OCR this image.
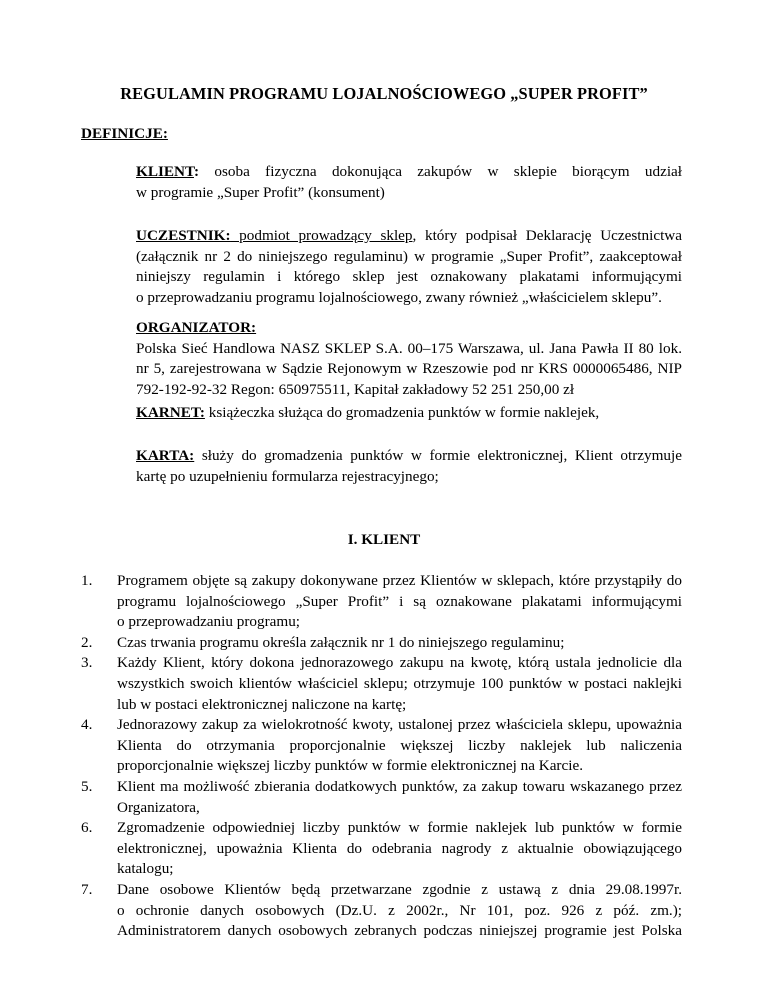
REGULAMIN PROGRAMU LOJALNOŚCIOWEGO „SUPER PROFIT”
DEFINICJE:
KLIENT: osoba fizyczna dokonująca zakupów w sklepie biorącym udział
w programie „Super Profit” (konsument)
UCZESTNIK: podmiot prowadzący sklep, który podpisał Deklarację Uczestnictwa
(załącznik nr 2 do niniejszego regulaminu) w programie „Super Profit”, zaakceptował
niniejszy regulamin i którego sklep jest oznakowany plakatami informującymi
o przeprowadzaniu programu lojalnościowego, zwany również „właścicielem sklepu”.
ORGANIZATOR:
Polska Sieć Handlowa NASZ SKLEP S.A. 00–175 Warszawa, ul. Jana Pawła II 80 lok.
nr 5, zarejestrowana w Sądzie Rejonowym w Rzeszowie pod nr KRS 0000065486, NIP
792-192-92-32 Regon: 650975511, Kapitał zakładowy 52 251 250,00 zł
KARNET: książeczka służąca do gromadzenia punktów w formie naklejek,
KARTA: służy do gromadzenia punktów w formie elektronicznej, Klient otrzymuje
kartę po uzupełnieniu formularza rejestracyjnego;
I. KLIENT
1. Programem objęte są zakupy dokonywane przez Klientów w sklepach, które przystąpiły do
programu lojalnościowego „Super Profit” i są oznakowane plakatami informującymi
o przeprowadzaniu programu;
2. Czas trwania programu określa załącznik nr 1 do niniejszego regulaminu;
3. Każdy Klient, który dokona jednorazowego zakupu na kwotę, którą ustala jednolicie dla
wszystkich swoich klientów właściciel sklepu; otrzymuje 100 punktów w postaci naklejki
lub w postaci elektronicznej naliczone na kartę;
4. Jednorazowy zakup za wielokrotność kwoty, ustalonej przez właściciela sklepu, upoważnia
Klienta do otrzymania proporcjonalnie większej liczby naklejek lub naliczenia
proporcjonalnie większej liczby punktów w formie elektronicznej na Karcie.
5. Klient ma możliwość zbierania dodatkowych punktów, za zakup towaru wskazanego przez
Organizatora,
6. Zgromadzenie odpowiedniej liczby punktów w formie naklejek lub punktów w formie
elektronicznej, upoważnia Klienta do odebrania nagrody z aktualnie obowiązującego
katalogu;
7. Dane osobowe Klientów będą przetwarzane zgodnie z ustawą z dnia 29.08.1997r.
o ochronie danych osobowych (Dz.U. z 2002r., Nr 101, poz. 926 z póź. zm.);
Administratorem danych osobowych zebranych podczas niniejszej programie jest Polska
